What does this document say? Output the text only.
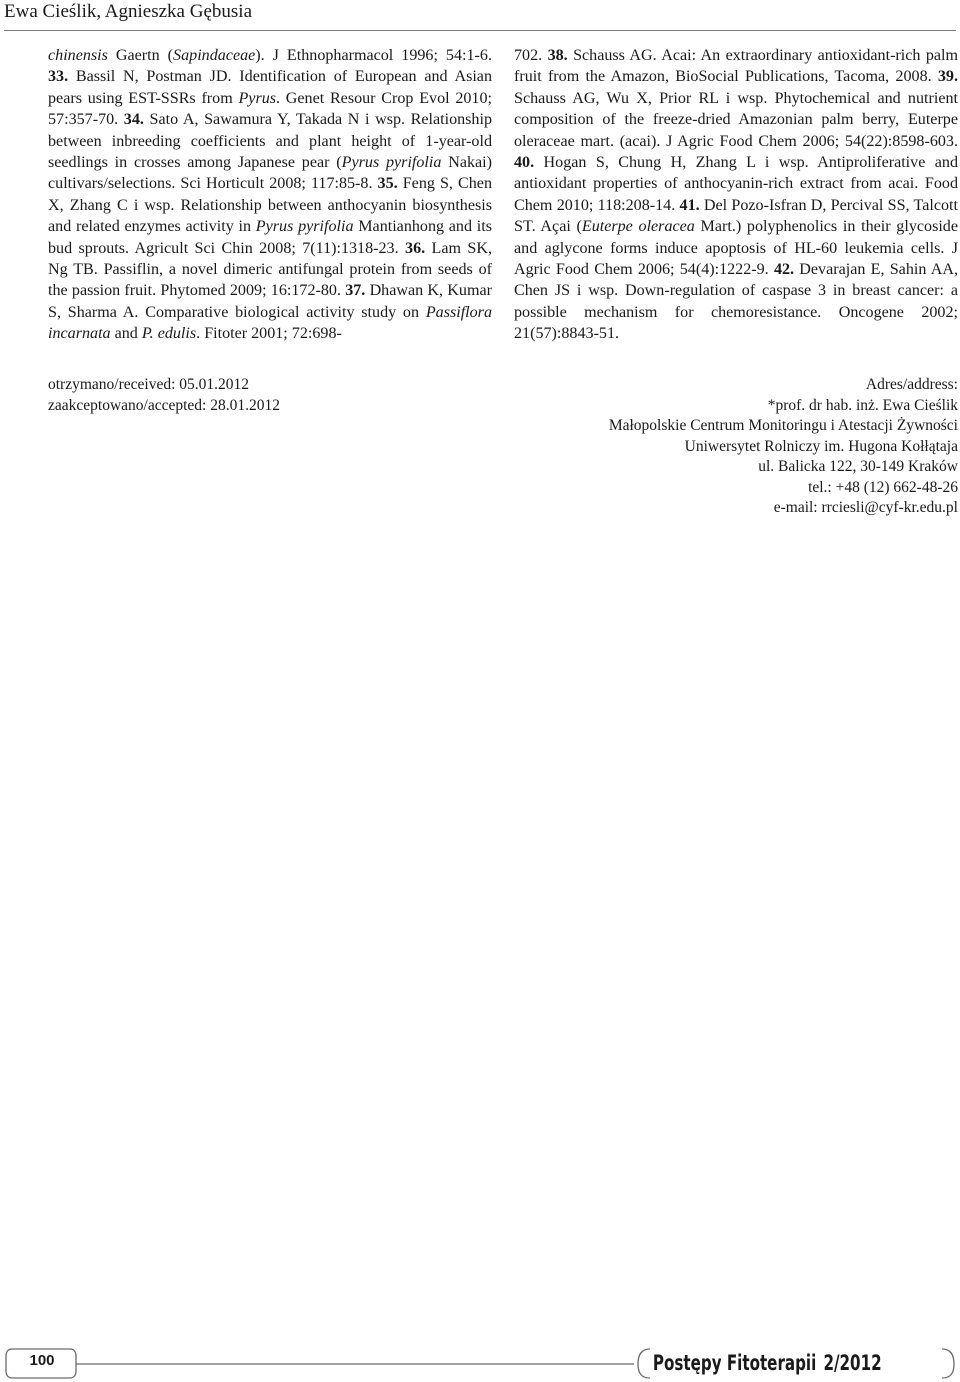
Ewa Cieślik, Agnieszka Gębusia
chinensis Gaertn (Sapindaceae). J Ethnopharmacol 1996; 54:1-6. 33. Bassil N, Postman JD. Identification of European and Asian pears using EST-SSRs from Pyrus. Genet Resour Crop Evol 2010; 57:357-70. 34. Sato A, Sawamura Y, Takada N i wsp. Relationship between inbreeding coefficients and plant height of 1-year-old seedlings in crosses among Japanese pear (Pyrus pyrifolia Nakai) cultivars/selections. Sci Horticult 2008; 117:85-8. 35. Feng S, Chen X, Zhang C i wsp. Relationship between anthocyanin biosynthesis and related enzymes activity in Pyrus pyrifolia Mantianhong and its bud sprouts. Agricult Sci Chin 2008; 7(11):1318-23. 36. Lam SK, Ng TB. Passiflin, a novel dimeric antifungal protein from seeds of the passion fruit. Phytomed 2009; 16:172-80. 37. Dhawan K, Kumar S, Sharma A. Comparative biological activity study on Passiflora incarnata and P. edulis. Fitoter 2001; 72:698-
702. 38. Schauss AG. Acai: An extraordinary antioxidant-rich palm fruit from the Amazon, BioSocial Publications, Tacoma, 2008. 39. Schauss AG, Wu X, Prior RL i wsp. Phytochemical and nutrient composition of the freeze-dried Amazonian palm berry, Euterpe oleraceae mart. (acai). J Agric Food Chem 2006; 54(22):8598-603. 40. Hogan S, Chung H, Zhang L i wsp. Antiproliferative and antioxidant properties of anthocyanin-rich extract from acai. Food Chem 2010; 118:208-14. 41. Del Pozo-Isfran D, Percival SS, Talcott ST. Açai (Euterpe oleracea Mart.) polyphenolics in their glycoside and aglycone forms induce apoptosis of HL-60 leukemia cells. J Agric Food Chem 2006; 54(4):1222-9. 42. Devarajan E, Sahin AA, Chen JS i wsp. Down-regulation of caspase 3 in breast cancer: a possible mechanism for chemoresistance. Oncogene 2002; 21(57):8843-51.
otrzymano/received: 05.01.2012
zaakceptowano/accepted: 28.01.2012
Adres/address:
*prof. dr hab. inż. Ewa Cieślik
Małopolskie Centrum Monitoringu i Atestacji Żywności
Uniwersytet Rolniczy im. Hugona Kołłątaja
ul. Balicka 122, 30-149 Kraków
tel.: +48 (12) 662-48-26
e-mail: rrciesli@cyf-kr.edu.pl
100	Postępy Fitoterapii 2/2012
